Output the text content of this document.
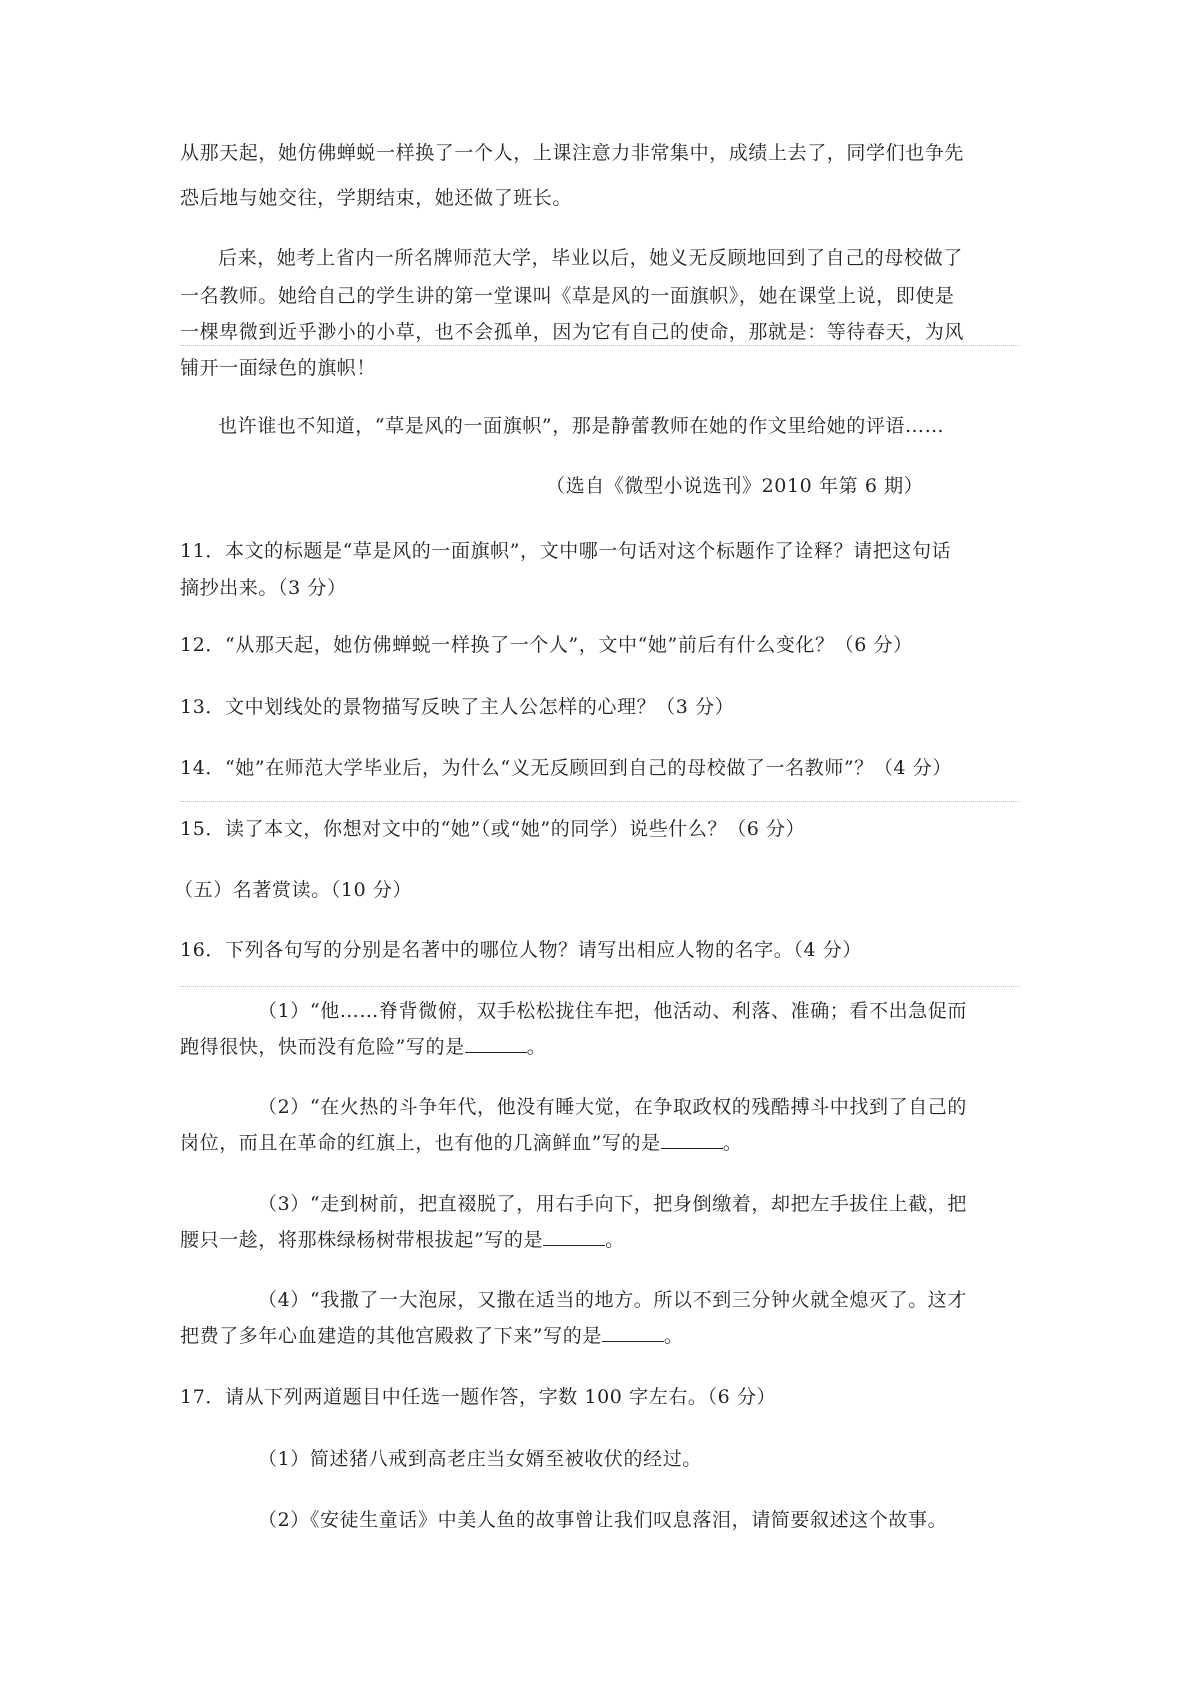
从那天起，她仿佛蝉蜕一样换了一个人，上课注意力非常集中，成绩上去了，同学们也争先
恐后地与她交往，学期结束，她还做了班长。
后来，她考上省内一所名牌师范大学，毕业以后，她义无反顾地回到了自己的母校做了
一名教师。她给自己的学生讲的第一堂课叫《草是风的一面旗帜》，她在课堂上说，即使是
一棵卑微到近乎渺小的小草，也不会孤单，因为它有自己的使命，那就是：等待春天，为风
铺开一面绿色的旗帜！
也许谁也不知道，“草是风的一面旗帜”，那是静蕾教师在她的作文里给她的评语……
（选自《微型小说选刊》2010 年第 6 期）
11．本文的标题是“草是风的一面旗帜”，文中哪一句话对这个标题作了诠释？请把这句话
摘抄出来。（3 分）
12．“从那天起，她仿佛蝉蜕一样换了一个人”，文中“她”前后有什么变化？（6 分）
13．文中划线处的景物描写反映了主人公怎样的心理？（3 分）
14．“她”在师范大学毕业后，为什么“义无反顾回到自己的母校做了一名教师”？（4 分）
15．读了本文，你想对文中的“她”（或“她”的同学）说些什么？（6 分）
（五）名著赏读。（10 分）
16．下列各句写的分别是名著中的哪位人物？请写出相应人物的名字。（4 分）
（1）“他……脊背微俯，双手松松拢住车把，他活动、利落、准确；看不出急促而
跑得很快，快而没有危险”写的是	。
（2）“在火热的斗争年代，他没有睡大觉，在争取政权的残酷搏斗中找到了自己的
岗位，而且在革命的红旗上，也有他的几滴鲜血”写的是	。
（3）“走到树前，把直裰脱了，用右手向下，把身倒缴着，却把左手拔住上截，把
腰只一趁，将那株绿杨树带根拔起”写的是	。
（4）“我撒了一大泡尿，又撒在适当的地方。所以不到三分钟火就全熄灭了。这才
把费了多年心血建造的其他宫殿救了下来”写的是	。
17．请从下列两道题目中任选一题作答，字数 100 字左右。（6 分）
（1）简述猪八戒到高老庄当女婿至被收伏的经过。
（2）《安徒生童话》中美人鱼的故事曾让我们叹息落泪，请简要叙述这个故事。
